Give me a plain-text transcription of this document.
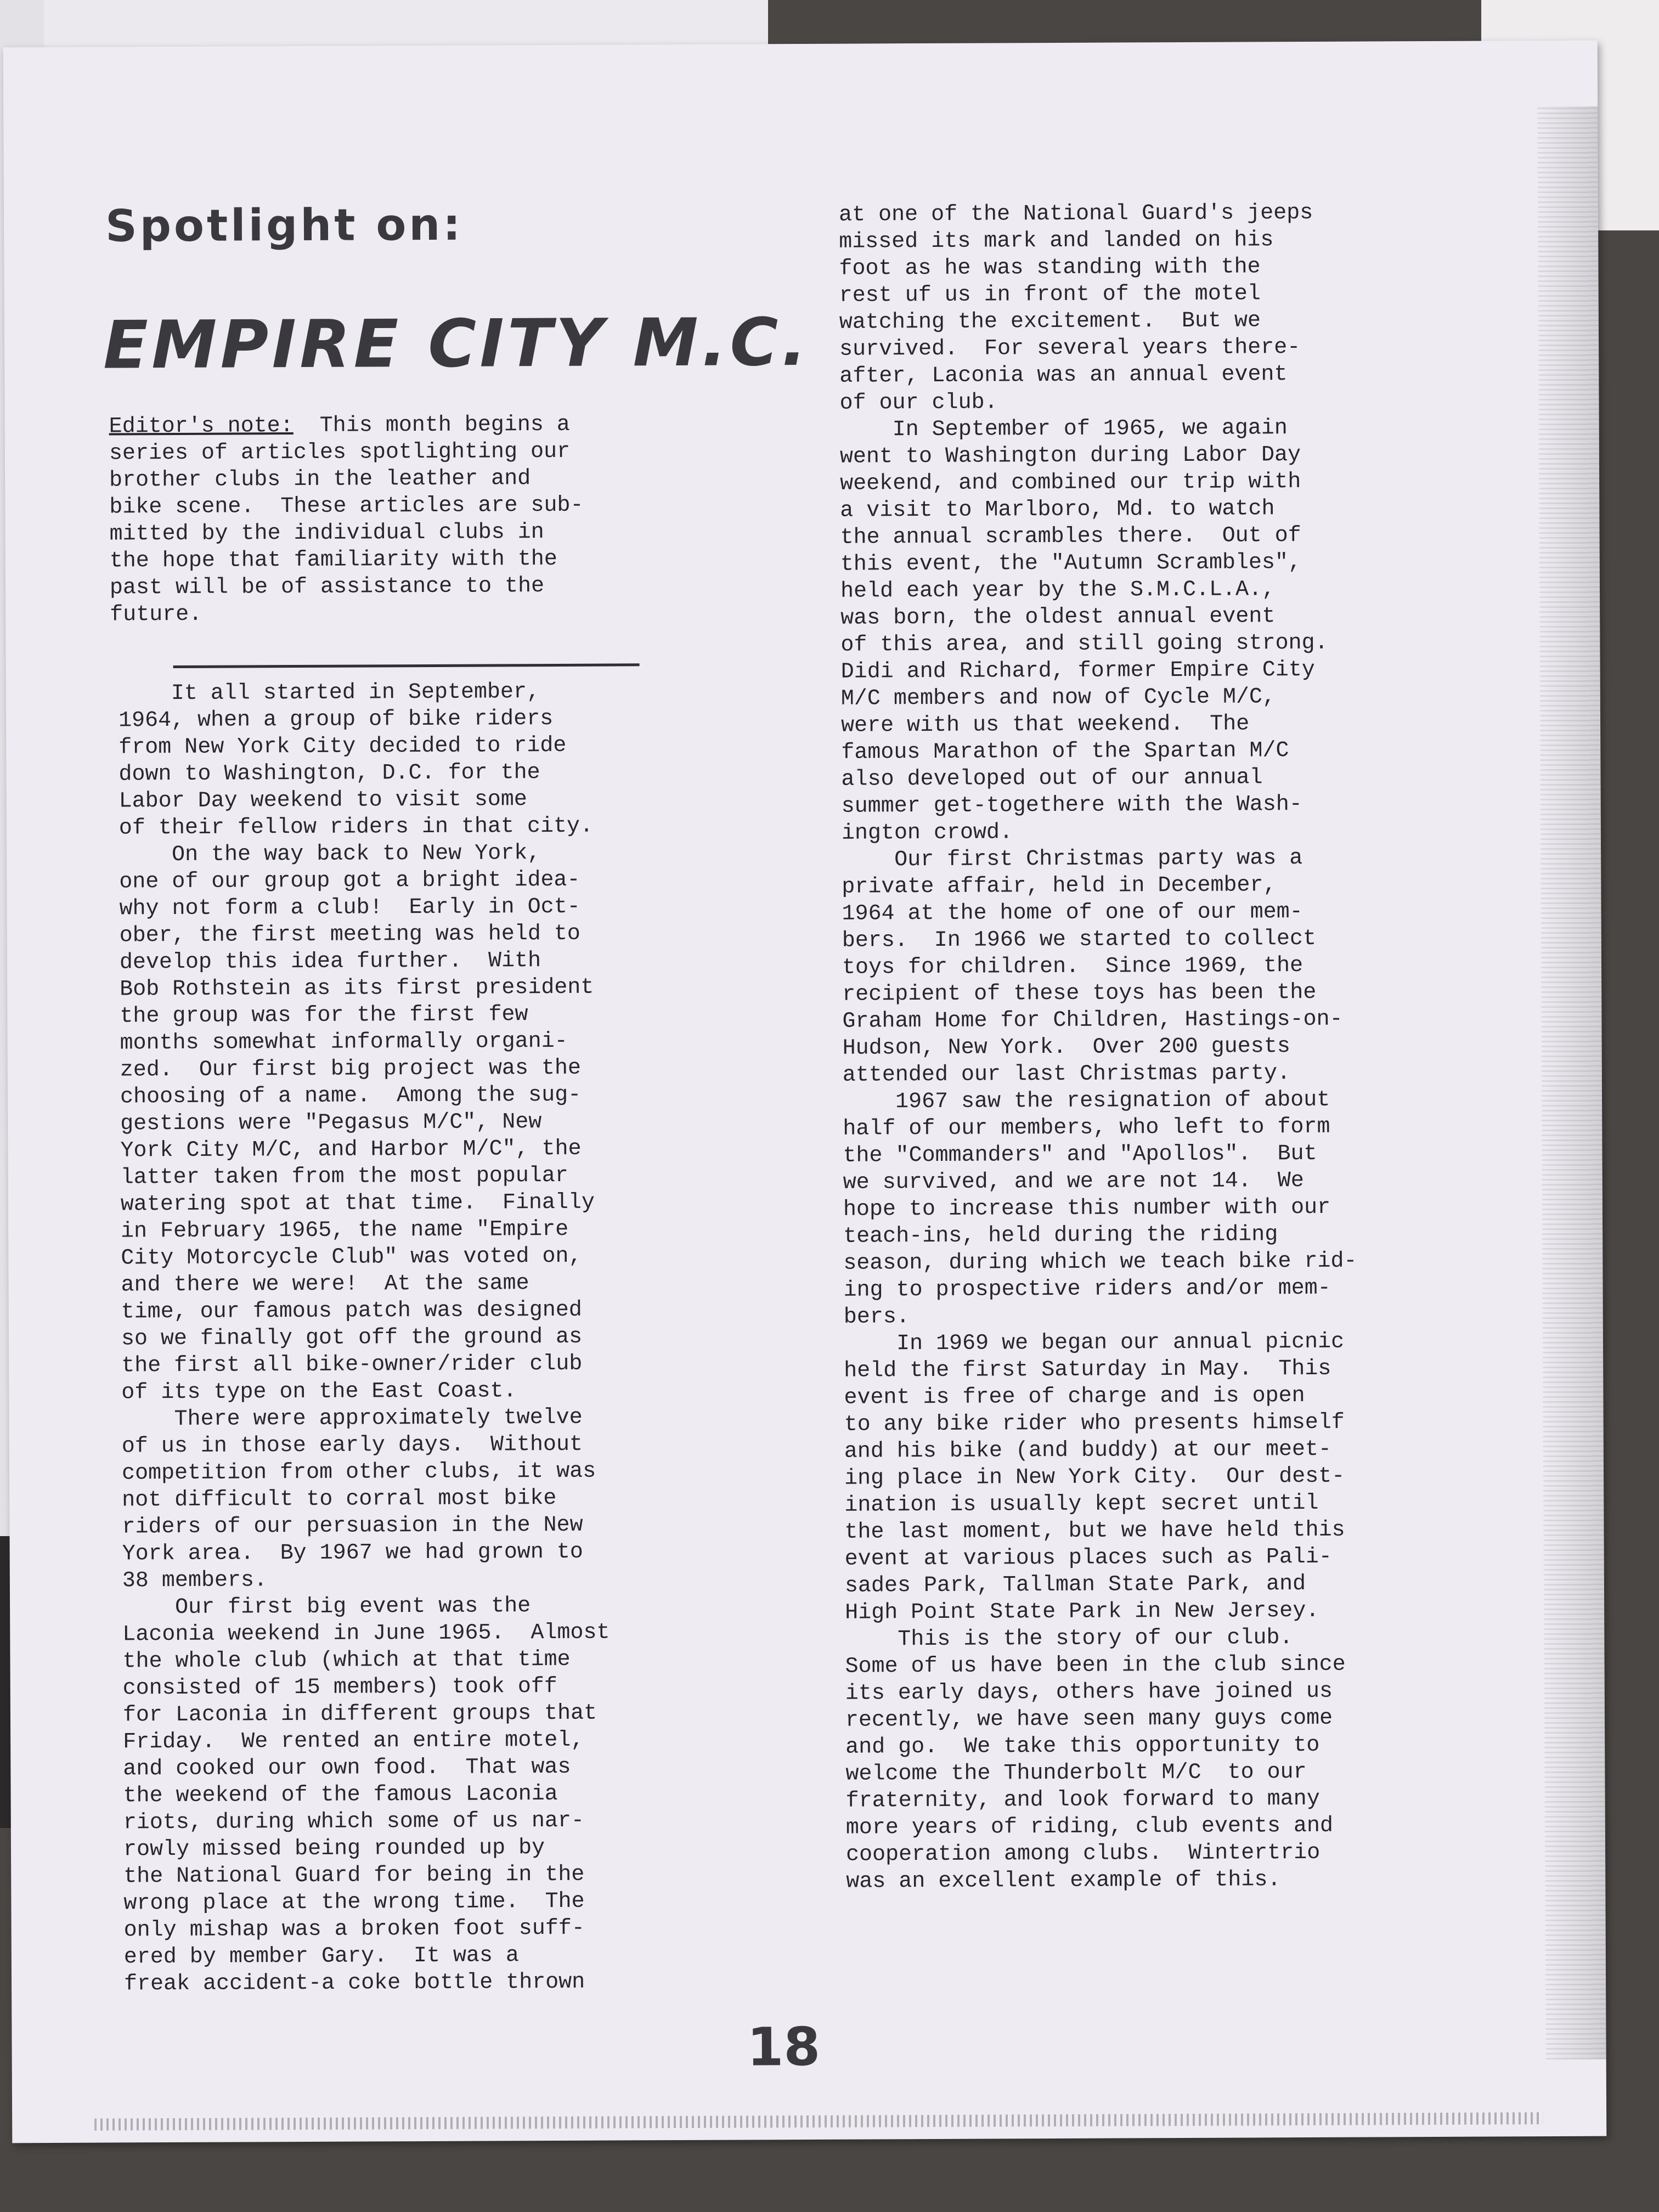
Spotlight on:
EMPIRE CITY M.C.
Editor's note:  This month begins a
series of articles spotlighting our
brother clubs in the leather and
bike scene.  These articles are sub-
mitted by the individual clubs in
the hope that familiarity with the
past will be of assistance to the
future.
It all started in September,
1964, when a group of bike riders
from New York City decided to ride
down to Washington, D.C. for the
Labor Day weekend to visit some
of their fellow riders in that city.
On the way back to New York,
one of our group got a bright idea-
why not form a club!  Early in Oct-
ober, the first meeting was held to
develop this idea further.  With
Bob Rothstein as its first president
the group was for the first few
months somewhat informally organi-
zed.  Our first big project was the
choosing of a name.  Among the sug-
gestions were "Pegasus M/C", New
York City M/C, and Harbor M/C", the
latter taken from the most popular
watering spot at that time.  Finally
in February 1965, the name "Empire
City Motorcycle Club" was voted on,
and there we were!  At the same
time, our famous patch was designed
so we finally got off the ground as
the first all bike-owner/rider club
of its type on the East Coast.
There were approximately twelve
of us in those early days.  Without
competition from other clubs, it was
not difficult to corral most bike
riders of our persuasion in the New
York area.  By 1967 we had grown to
38 members.
Our first big event was the
Laconia weekend in June 1965.  Almost
the whole club (which at that time
consisted of 15 members) took off
for Laconia in different groups that
Friday.  We rented an entire motel,
and cooked our own food.  That was
the weekend of the famous Laconia
riots, during which some of us nar-
rowly missed being rounded up by
the National Guard for being in the
wrong place at the wrong time.  The
only mishap was a broken foot suff-
ered by member Gary.  It was a
freak accident-a coke bottle thrown
at one of the National Guard's jeeps
missed its mark and landed on his
foot as he was standing with the
rest uf us in front of the motel
watching the excitement.  But we
survived.  For several years there-
after, Laconia was an annual event
of our club.
In September of 1965, we again
went to Washington during Labor Day
weekend, and combined our trip with
a visit to Marlboro, Md. to watch
the annual scrambles there.  Out of
this event, the "Autumn Scrambles",
held each year by the S.M.C.L.A.,
was born, the oldest annual event
of this area, and still going strong.
Didi and Richard, former Empire City
M/C members and now of Cycle M/C,
were with us that weekend.  The
famous Marathon of the Spartan M/C
also developed out of our annual
summer get-togethere with the Wash-
ington crowd.
Our first Christmas party was a
private affair, held in December,
1964 at the home of one of our mem-
bers.  In 1966 we started to collect
toys for children.  Since 1969, the
recipient of these toys has been the
Graham Home for Children, Hastings-on-
Hudson, New York.  Over 200 guests
attended our last Christmas party.
1967 saw the resignation of about
half of our members, who left to form
the "Commanders" and "Apollos".  But
we survived, and we are not 14.  We
hope to increase this number with our
teach-ins, held during the riding
season, during which we teach bike rid-
ing to prospective riders and/or mem-
bers.
In 1969 we began our annual picnic
held the first Saturday in May.  This
event is free of charge and is open
to any bike rider who presents himself
and his bike (and buddy) at our meet-
ing place in New York City.  Our dest-
ination is usually kept secret until
the last moment, but we have held this
event at various places such as Pali-
sades Park, Tallman State Park, and
High Point State Park in New Jersey.
This is the story of our club.
Some of us have been in the club since
its early days, others have joined us
recently, we have seen many guys come
and go.  We take this opportunity to
welcome the Thunderbolt M/C  to our
fraternity, and look forward to many
more years of riding, club events and
cooperation among clubs.  Wintertrio
was an excellent example of this.
18
